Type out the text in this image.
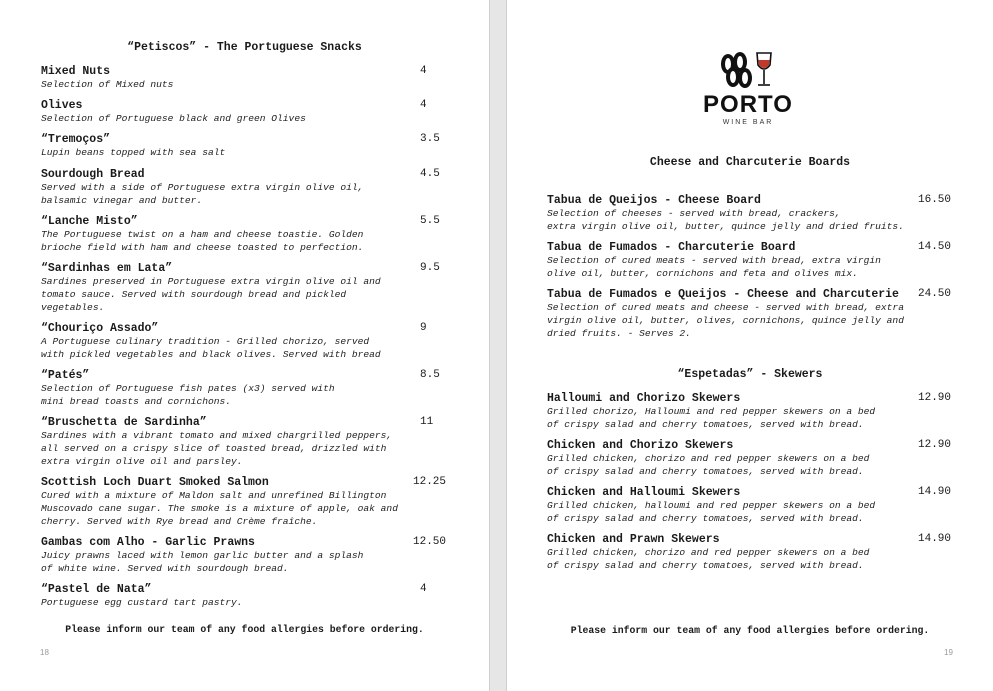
“Petiscos” - The Portuguese Snacks
Mixed Nuts	4
Selection of Mixed nuts
Olives	4
Selection of Portuguese black and green Olives
“Tremoços”	3.5
Lupin beans topped with sea salt
Sourdough Bread	4.5
Served with a side of Portuguese extra virgin olive oil,
balsamic vinegar and butter.
“Lanche Misto”	5.5
The Portuguese twist on a ham and cheese toastie. Golden
brioche field with ham and cheese toasted to perfection.
“Sardinhas em Lata”	9.5
Sardines preserved in Portuguese extra virgin olive oil and
tomato sauce. Served with sourdough bread and pickled
vegetables.
“Chouriço Assado”	9
A Portuguese culinary tradition - Grilled chorizo, served
with pickled vegetables and black olives. Served with bread
“Patés”	8.5
Selection of Portuguese fish pates (x3) served with
mini bread toasts and cornichons.
“Bruschetta de Sardinha”	11
Sardines with a vibrant tomato and mixed chargrilled peppers,
all served on a crispy slice of toasted bread, drizzled with
extra virgin olive oil and parsley.
Scottish Loch Duart Smoked Salmon	12.25
Cured with a mixture of Maldon salt and unrefined Billington
Muscovado cane sugar. The smoke is a mixture of apple, oak and
cherry. Served with Rye bread and Crème fraîche.
Gambas com Alho - Garlic Prawns	12.50
Juicy prawns laced with lemon garlic butter and a splash
of white wine. Served with sourdough bread.
“Pastel de Nata”	4
Portuguese egg custard tart pastry.
Please inform our team of any food allergies before ordering.
18
PORTO
WINE BAR
Cheese and Charcuterie Boards
Tabua de Queijos - Cheese Board	16.50
Selection of cheeses - served with bread, crackers,
extra virgin olive oil, butter, quince jelly and dried fruits.
Tabua de Fumados - Charcuterie Board	14.50
Selection of cured meats - served with bread, extra virgin
olive oil, butter, cornichons and feta and olives mix.
Tabua de Fumados e Queijos - Cheese and Charcuterie	24.50
Selection of cured meats and cheese - served with bread, extra
virgin olive oil, butter, olives, cornichons, quince jelly and
dried fruits. - Serves 2.
“Espetadas” - Skewers
Halloumi and Chorizo Skewers	12.90
Grilled chorizo, Halloumi and red pepper skewers on a bed
of crispy salad and cherry tomatoes, served with bread.
Chicken and Chorizo Skewers	12.90
Grilled chicken, chorizo and red pepper skewers on a bed
of crispy salad and cherry tomatoes, served with bread.
Chicken and Halloumi Skewers	14.90
Grilled chicken, halloumi and red pepper skewers on a bed
of crispy salad and cherry tomatoes, served with bread.
Chicken and Prawn Skewers	14.90
Grilled chicken, chorizo and red pepper skewers on a bed
of crispy salad and cherry tomatoes, served with bread.
Please inform our team of any food allergies before ordering.
19
